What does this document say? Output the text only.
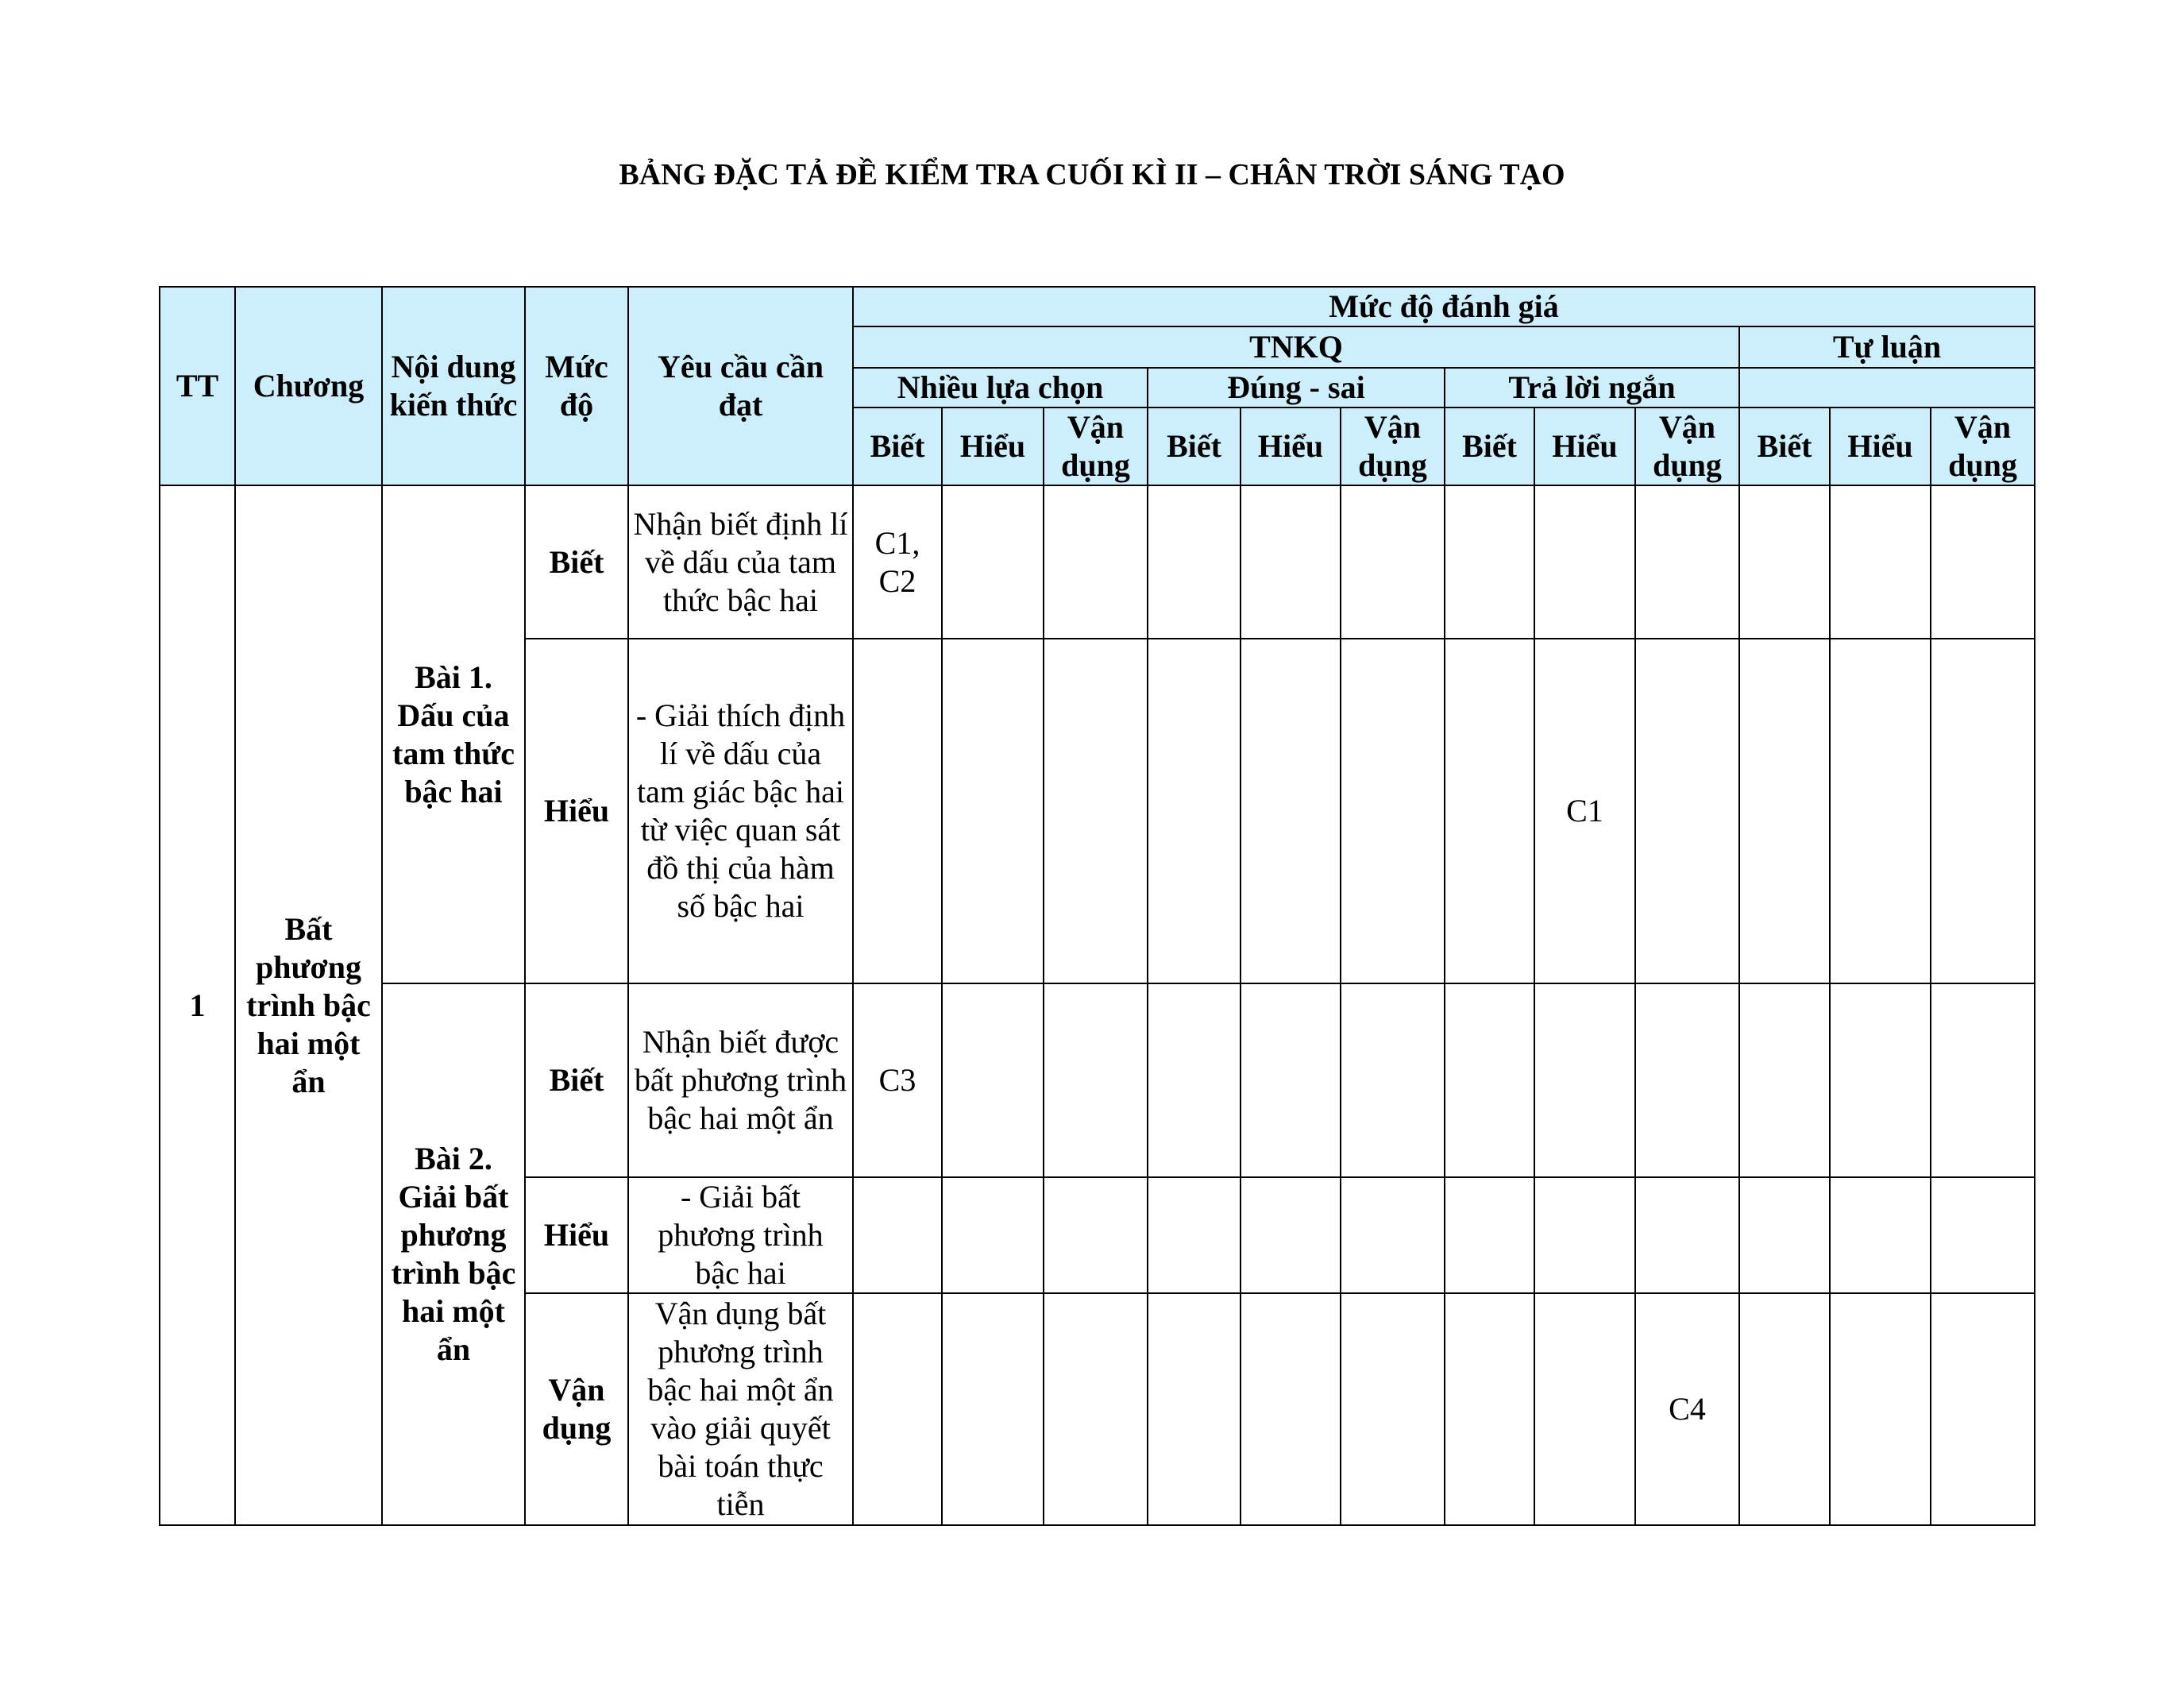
BẢNG ĐẶC TẢ ĐỀ KIỂM TRA CUỐI KÌ II – CHÂN TRỜI SÁNG TẠO
TT	Chương	Nội dung kiến thức	Mức độ	Yêu cầu cần đạt	Mức độ đánh giá											
					TNKQ									Tự luận		
					Nhiều lựa chọn			Đúng - sai			Trả lời ngắn					
					Biết	Hiểu	Vận dụng	Biết	Hiểu	Vận dụng	Biết	Hiểu	Vận dụng	Biết	Hiểu	Vận dụng
1	Bất phương trình bậc hai một ẩn	Bài 1. Dấu của tam thức bậc hai	Biết	Nhận biết định lí về dấu của tam thức bậc hai	C1, C2											
			Hiểu	- Giải thích định lí về dấu của tam giác bậc hai từ việc quan sát đồ thị của hàm số bậc hai								C1				
		Bài 2. Giải bất phương trình bậc hai một ẩn	Biết	Nhận biết được bất phương trình bậc hai một ẩn	C3											
			Hiểu	- Giải bất phương trình bậc hai												
			Vận dụng	Vận dụng bất phương trình bậc hai một ẩn vào giải quyết bài toán thực tiễn									C4			
